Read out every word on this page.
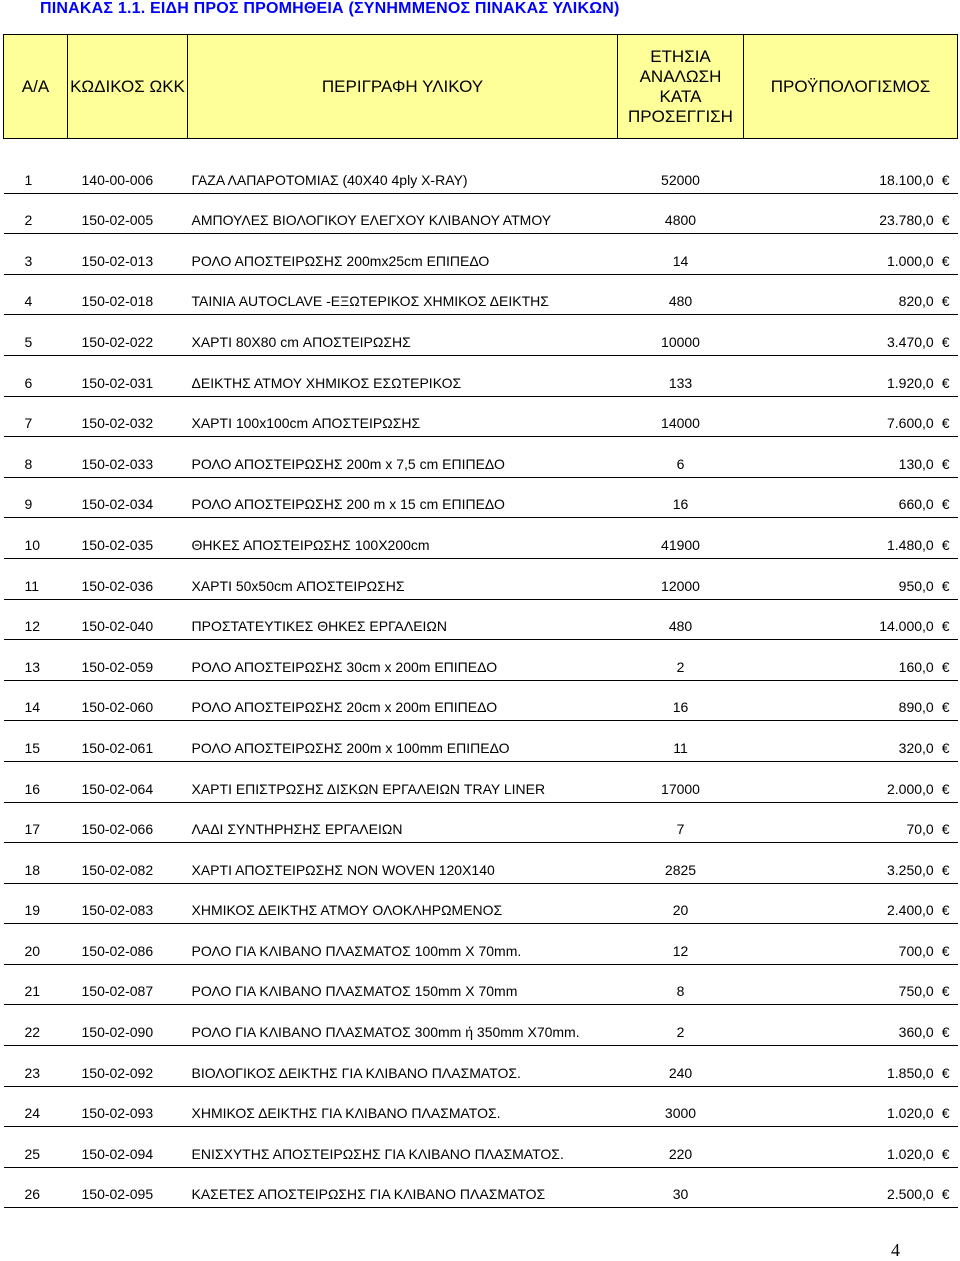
ΠΙΝΑΚΑΣ 1.1. ΕΙΔΗ ΠΡΟΣ ΠΡΟΜΗΘΕΙΑ (ΣΥΝΗΜΜΕΝΟΣ ΠΙΝΑΚΑΣ ΥΛΙΚΩΝ)
Α/Α	ΚΩΔΙΚΟΣ ΩΚΚ	ΠΕΡΙΓΡΑΦΗ ΥΛΙΚΟΥ	ΕΤΗΣΙΑ ΑΝΑΛΩΣΗ ΚΑΤΑ ΠΡΟΣΕΓΓΙΣΗ	ΠΡΟΫΠΟΛΟΓΙΣΜΟΣ

1	140-00-006	ΓΑΖΑ ΛΑΠΑΡΟΤΟΜΙΑΣ (40Χ40 4ply X-RAY)	52000	18.100,0 €
2	150-02-005	ΑΜΠΟΥΛΕΣ ΒΙΟΛΟΓΙΚΟΥ ΕΛΕΓΧΟΥ ΚΛΙΒΑΝΟΥ ΑΤΜΟΥ	4800	23.780,0 €
3	150-02-013	ΡΟΛΟ ΑΠΟΣΤΕΙΡΩΣΗΣ 200mx25cm ΕΠΙΠΕΔΟ	14	1.000,0 €
4	150-02-018	ΤΑΙΝΙΑ AUTOCLAVE -ΕΞΩΤΕΡΙΚΟΣ ΧΗΜΙΚΟΣ ΔΕΙΚΤΗΣ	480	820,0 €
5	150-02-022	ΧΑΡΤΙ 80Χ80 cm ΑΠΟΣΤΕΙΡΩΣΗΣ	10000	3.470,0 €
6	150-02-031	ΔΕΙΚΤΗΣ ΑΤΜΟΥ ΧΗΜΙΚΟΣ ΕΣΩΤΕΡΙΚΟΣ	133	1.920,0 €
7	150-02-032	ΧΑΡΤΙ 100x100cm ΑΠΟΣΤΕΙΡΩΣΗΣ	14000	7.600,0 €
8	150-02-033	ΡΟΛΟ ΑΠΟΣΤΕΙΡΩΣΗΣ 200m x 7,5 cm ΕΠΙΠΕΔΟ	6	130,0 €
9	150-02-034	ΡΟΛΟ ΑΠΟΣΤΕΙΡΩΣΗΣ 200 m x 15 cm ΕΠΙΠΕΔΟ	16	660,0 €
10	150-02-035	ΘΗΚΕΣ ΑΠΟΣΤΕΙΡΩΣΗΣ 100Χ200cm	41900	1.480,0 €
11	150-02-036	ΧΑΡΤΙ 50x50cm ΑΠΟΣΤΕΙΡΩΣΗΣ	12000	950,0 €
12	150-02-040	ΠΡΟΣΤΑΤΕΥΤΙΚΕΣ ΘΗΚΕΣ ΕΡΓΑΛΕΙΩΝ	480	14.000,0 €
13	150-02-059	ΡΟΛΟ ΑΠΟΣΤΕΙΡΩΣΗΣ 30cm x 200m ΕΠΙΠΕΔΟ	2	160,0 €
14	150-02-060	ΡΟΛΟ ΑΠΟΣΤΕΙΡΩΣΗΣ 20cm x 200m ΕΠΙΠΕΔΟ	16	890,0 €
15	150-02-061	ΡΟΛΟ ΑΠΟΣΤΕΙΡΩΣΗΣ 200m x 100mm ΕΠΙΠΕΔΟ	11	320,0 €
16	150-02-064	ΧΑΡΤΙ ΕΠΙΣΤΡΩΣΗΣ ΔΙΣΚΩΝ ΕΡΓΑΛΕΙΩΝ TRAY LINER	17000	2.000,0 €
17	150-02-066	ΛΑΔΙ ΣΥΝΤΗΡΗΣΗΣ ΕΡΓΑΛΕΙΩΝ	7	70,0 €
18	150-02-082	ΧΑΡΤΙ ΑΠΟΣΤΕΙΡΩΣΗΣ NON WOVEN 120X140	2825	3.250,0 €
19	150-02-083	ΧΗΜΙΚΟΣ ΔΕΙΚΤΗΣ ΑΤΜΟΥ ΟΛΟΚΛΗΡΩΜΕΝΟΣ	20	2.400,0 €
20	150-02-086	ΡΟΛΟ ΓΙΑ ΚΛΙΒΑΝΟ ΠΛΑΣΜΑΤΟΣ 100mm X 70mm.	12	700,0 €
21	150-02-087	ΡΟΛΟ ΓΙΑ ΚΛΙΒΑΝΟ ΠΛΑΣΜΑΤΟΣ 150mm X 70mm	8	750,0 €
22	150-02-090	ΡΟΛΟ ΓΙΑ ΚΛΙΒΑΝΟ ΠΛΑΣΜΑΤΟΣ 300mm ή 350mm X70mm.	2	360,0 €
23	150-02-092	ΒΙΟΛΟΓΙΚΟΣ ΔΕΙΚΤΗΣ ΓΙΑ ΚΛΙΒΑΝΟ ΠΛΑΣΜΑΤΟΣ.	240	1.850,0 €
24	150-02-093	ΧΗΜΙΚΟΣ ΔΕΙΚΤΗΣ ΓΙΑ ΚΛΙΒΑΝΟ ΠΛΑΣΜΑΤΟΣ.	3000	1.020,0 €
25	150-02-094	ΕΝΙΣΧΥΤΗΣ ΑΠΟΣΤΕΙΡΩΣΗΣ ΓΙΑ ΚΛΙΒΑΝΟ ΠΛΑΣΜΑΤΟΣ.	220	1.020,0 €
26	150-02-095	ΚΑΣΕΤΕΣ ΑΠΟΣΤΕΙΡΩΣΗΣ ΓΙΑ ΚΛΙΒΑΝΟ ΠΛΑΣΜΑΤΟΣ	30	2.500,0 €
4
